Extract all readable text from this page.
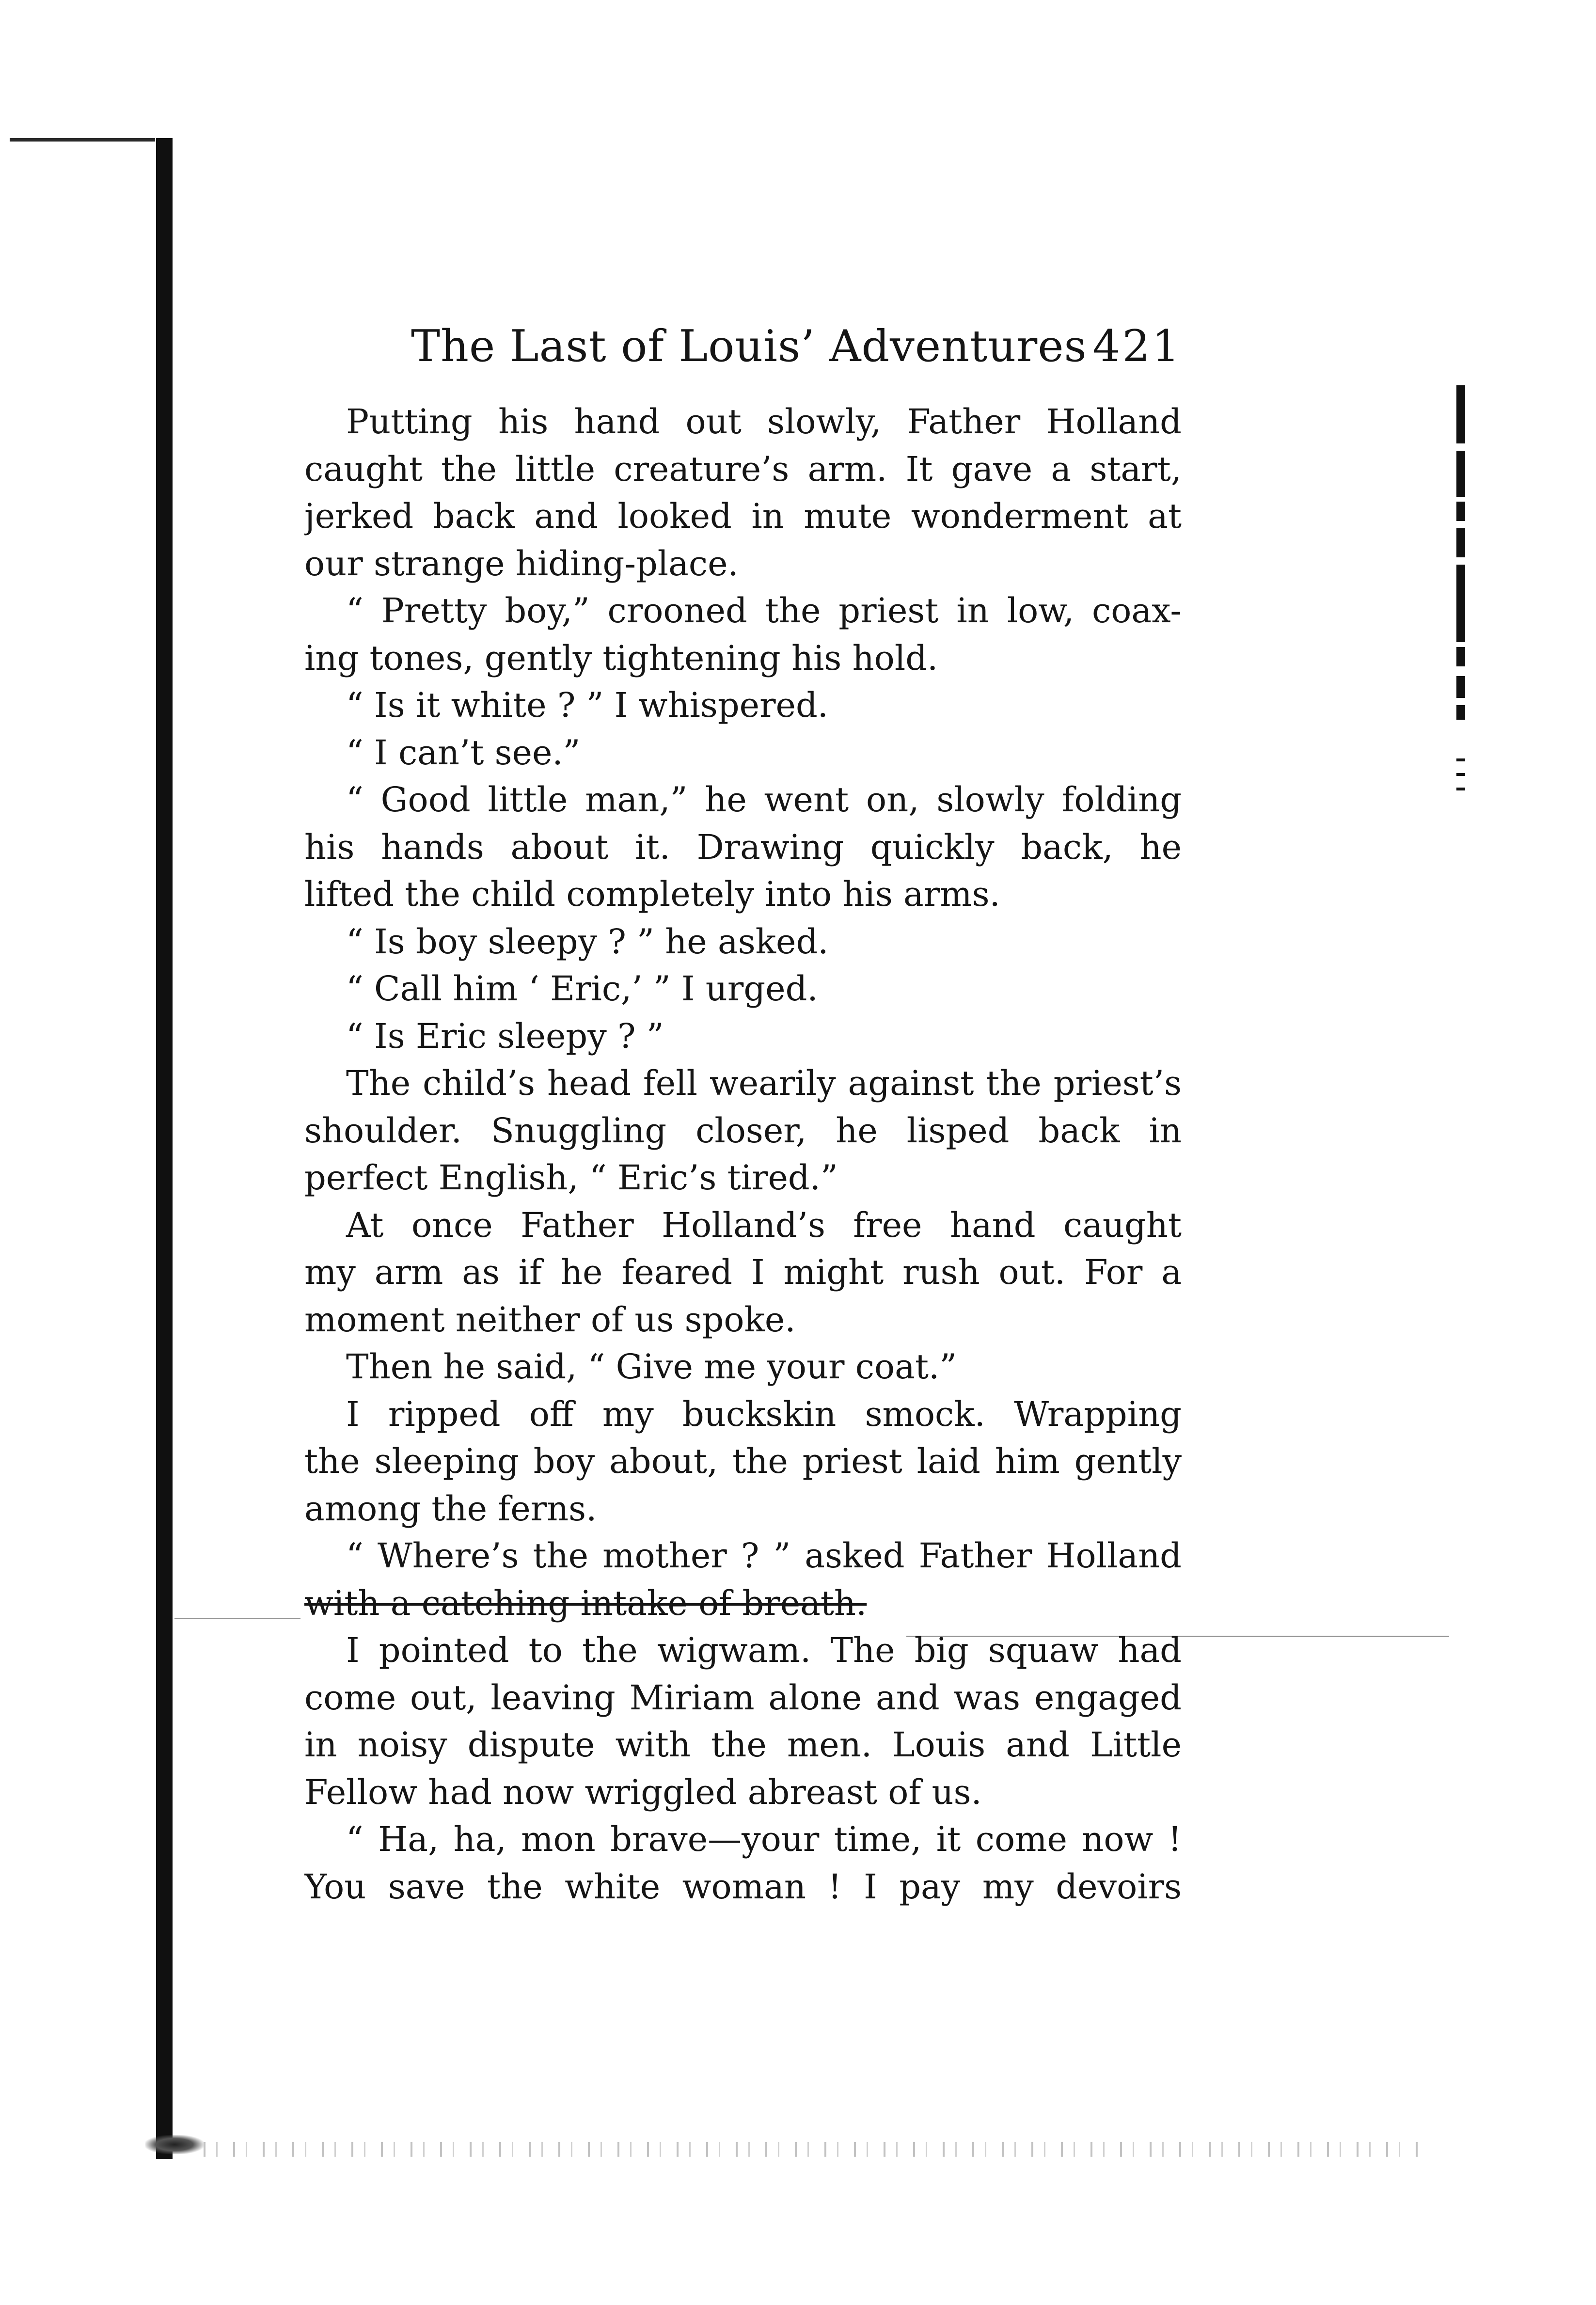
The Last of Louis’ Adventures 421
Putting his hand out slowly, Father Holland
caught the little creature’s arm. It gave a start,
jerked back and looked in mute wonderment at
our strange hiding-place.
“ Pretty boy,” crooned the priest in low, coax-
ing tones, gently tightening his hold.
“ Is it white ? ” I whispered.
“ I can’t see.”
“ Good little man,” he went on, slowly folding
his hands about it. Drawing quickly back, he
lifted the child completely into his arms.
“ Is boy sleepy ? ” he asked.
“ Call him ‘ Eric,’ ” I urged.
“ Is Eric sleepy ? ”
The child’s head fell wearily against the priest’s
shoulder. Snuggling closer, he lisped back in
perfect English, “ Eric’s tired.”
At once Father Holland’s free hand caught
my arm as if he feared I might rush out. For a
moment neither of us spoke.
Then he said, “ Give me your coat.”
I ripped off my buckskin smock. Wrapping
the sleeping boy about, the priest laid him gently
among the ferns.
“ Where’s the mother ? ” asked Father Holland
with a catching intake of breath.
I pointed to the wigwam. The big squaw had
come out, leaving Miriam alone and was engaged
in noisy dispute with the men. Louis and Little
Fellow had now wriggled abreast of us.
“ Ha, ha, mon brave—your time, it come now !
You save the white woman ! I pay my devoirs
